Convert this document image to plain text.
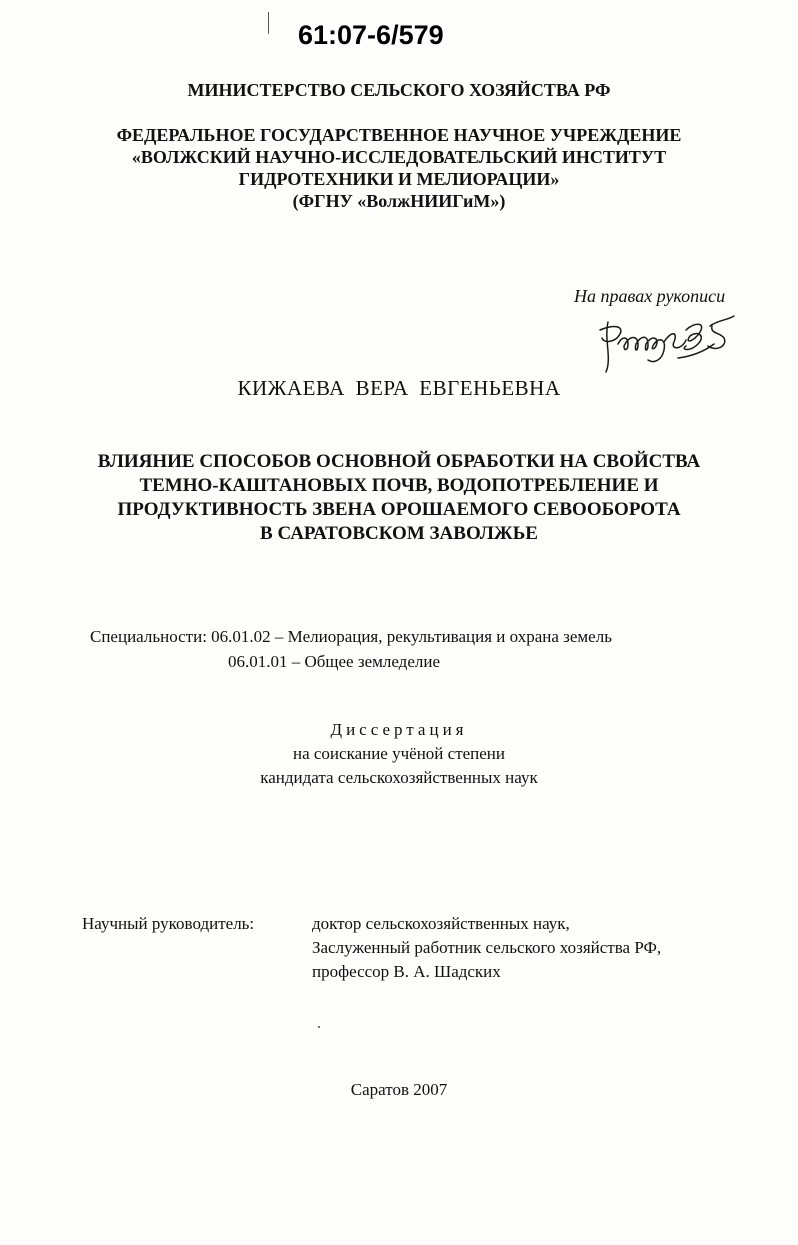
61:07-6/579
МИНИСТЕРСТВО СЕЛЬСКОГО ХОЗЯЙСТВА РФ
ФЕДЕРАЛЬНОЕ ГОСУДАРСТВЕННОЕ НАУЧНОЕ УЧРЕЖДЕНИЕ
«ВОЛЖСКИЙ НАУЧНО-ИССЛЕДОВАТЕЛЬСКИЙ ИНСТИТУТ
ГИДРОТЕХНИКИ И МЕЛИОРАЦИИ»
(ФГНУ «ВолжНИИГиМ»)
На правах рукописи
КИЖАЕВА ВЕРА ЕВГЕНЬЕВНА
ВЛИЯНИЕ СПОСОБОВ ОСНОВНОЙ ОБРАБОТКИ НА СВОЙСТВА
ТЕМНО-КАШТАНОВЫХ ПОЧВ, ВОДОПОТРЕБЛЕНИЕ И
ПРОДУКТИВНОСТЬ ЗВЕНА ОРОШАЕМОГО СЕВООБОРОТА
В САРАТОВСКОМ ЗАВОЛЖЬЕ
Специальности: 06.01.02 – Мелиорация, рекультивация и охрана земель
06.01.01 – Общее земледелие
Диссертация
на соискание учёной степени
кандидата сельскохозяйственных наук
Научный руководитель:	доктор сельскохозяйственных наук,
Заслуженный работник сельского хозяйства РФ,
профессор В. А. Шадских
Саратов 2007
